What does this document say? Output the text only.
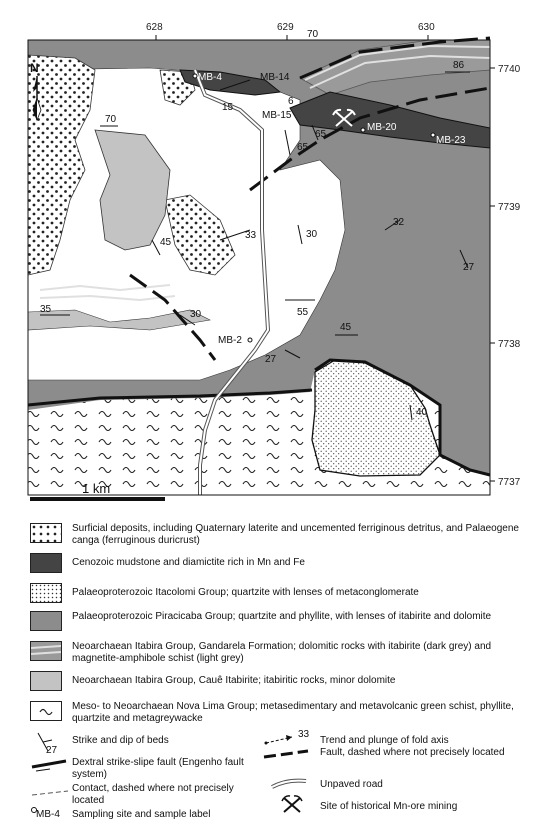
628	629	630
7740
7739
7738
7737
N
MB-4	MB-14
MB-15
MB-20
MB-23
MB-2
70
86
70
65
65
15
6
45
33	30
32
27
35	30	55
45
27
40
1 km
Surficial deposits, including Quaternary laterite and uncemented ferriginous detritus, and Palaeogene canga (ferruginous duricrust)
Cenozoic mudstone and diamictite rich in Mn and Fe
Palaeoproterozoic Itacolomi Group; quartzite with lenses of metaconglomerate
Palaeoproterozoic Piracicaba Group; quartzite and phyllite, with lenses of itabirite and dolomite
Neoarchaean Itabira Group, Gandarela Formation; dolomitic rocks with itabirite (dark grey) and magnetite-amphibole schist (light grey)
Neoarchaean Itabira Group, Cauê Itabirite; itabiritic rocks, minor dolomite
Meso- to Neoarchaean Nova Lima Group; metasedimentary and metavolcanic green schist, phyllite, quartzite and metagreywacke
27
Strike and dip of beds
Dextral strike-slipe fault (Engenho fault system)
Contact, dashed where not precisely located
MB-4 Sampling site and sample label
33
Trend and plunge of fold axis
Fault, dashed where not precisely located
Unpaved road
Site of historical Mn-ore mining
